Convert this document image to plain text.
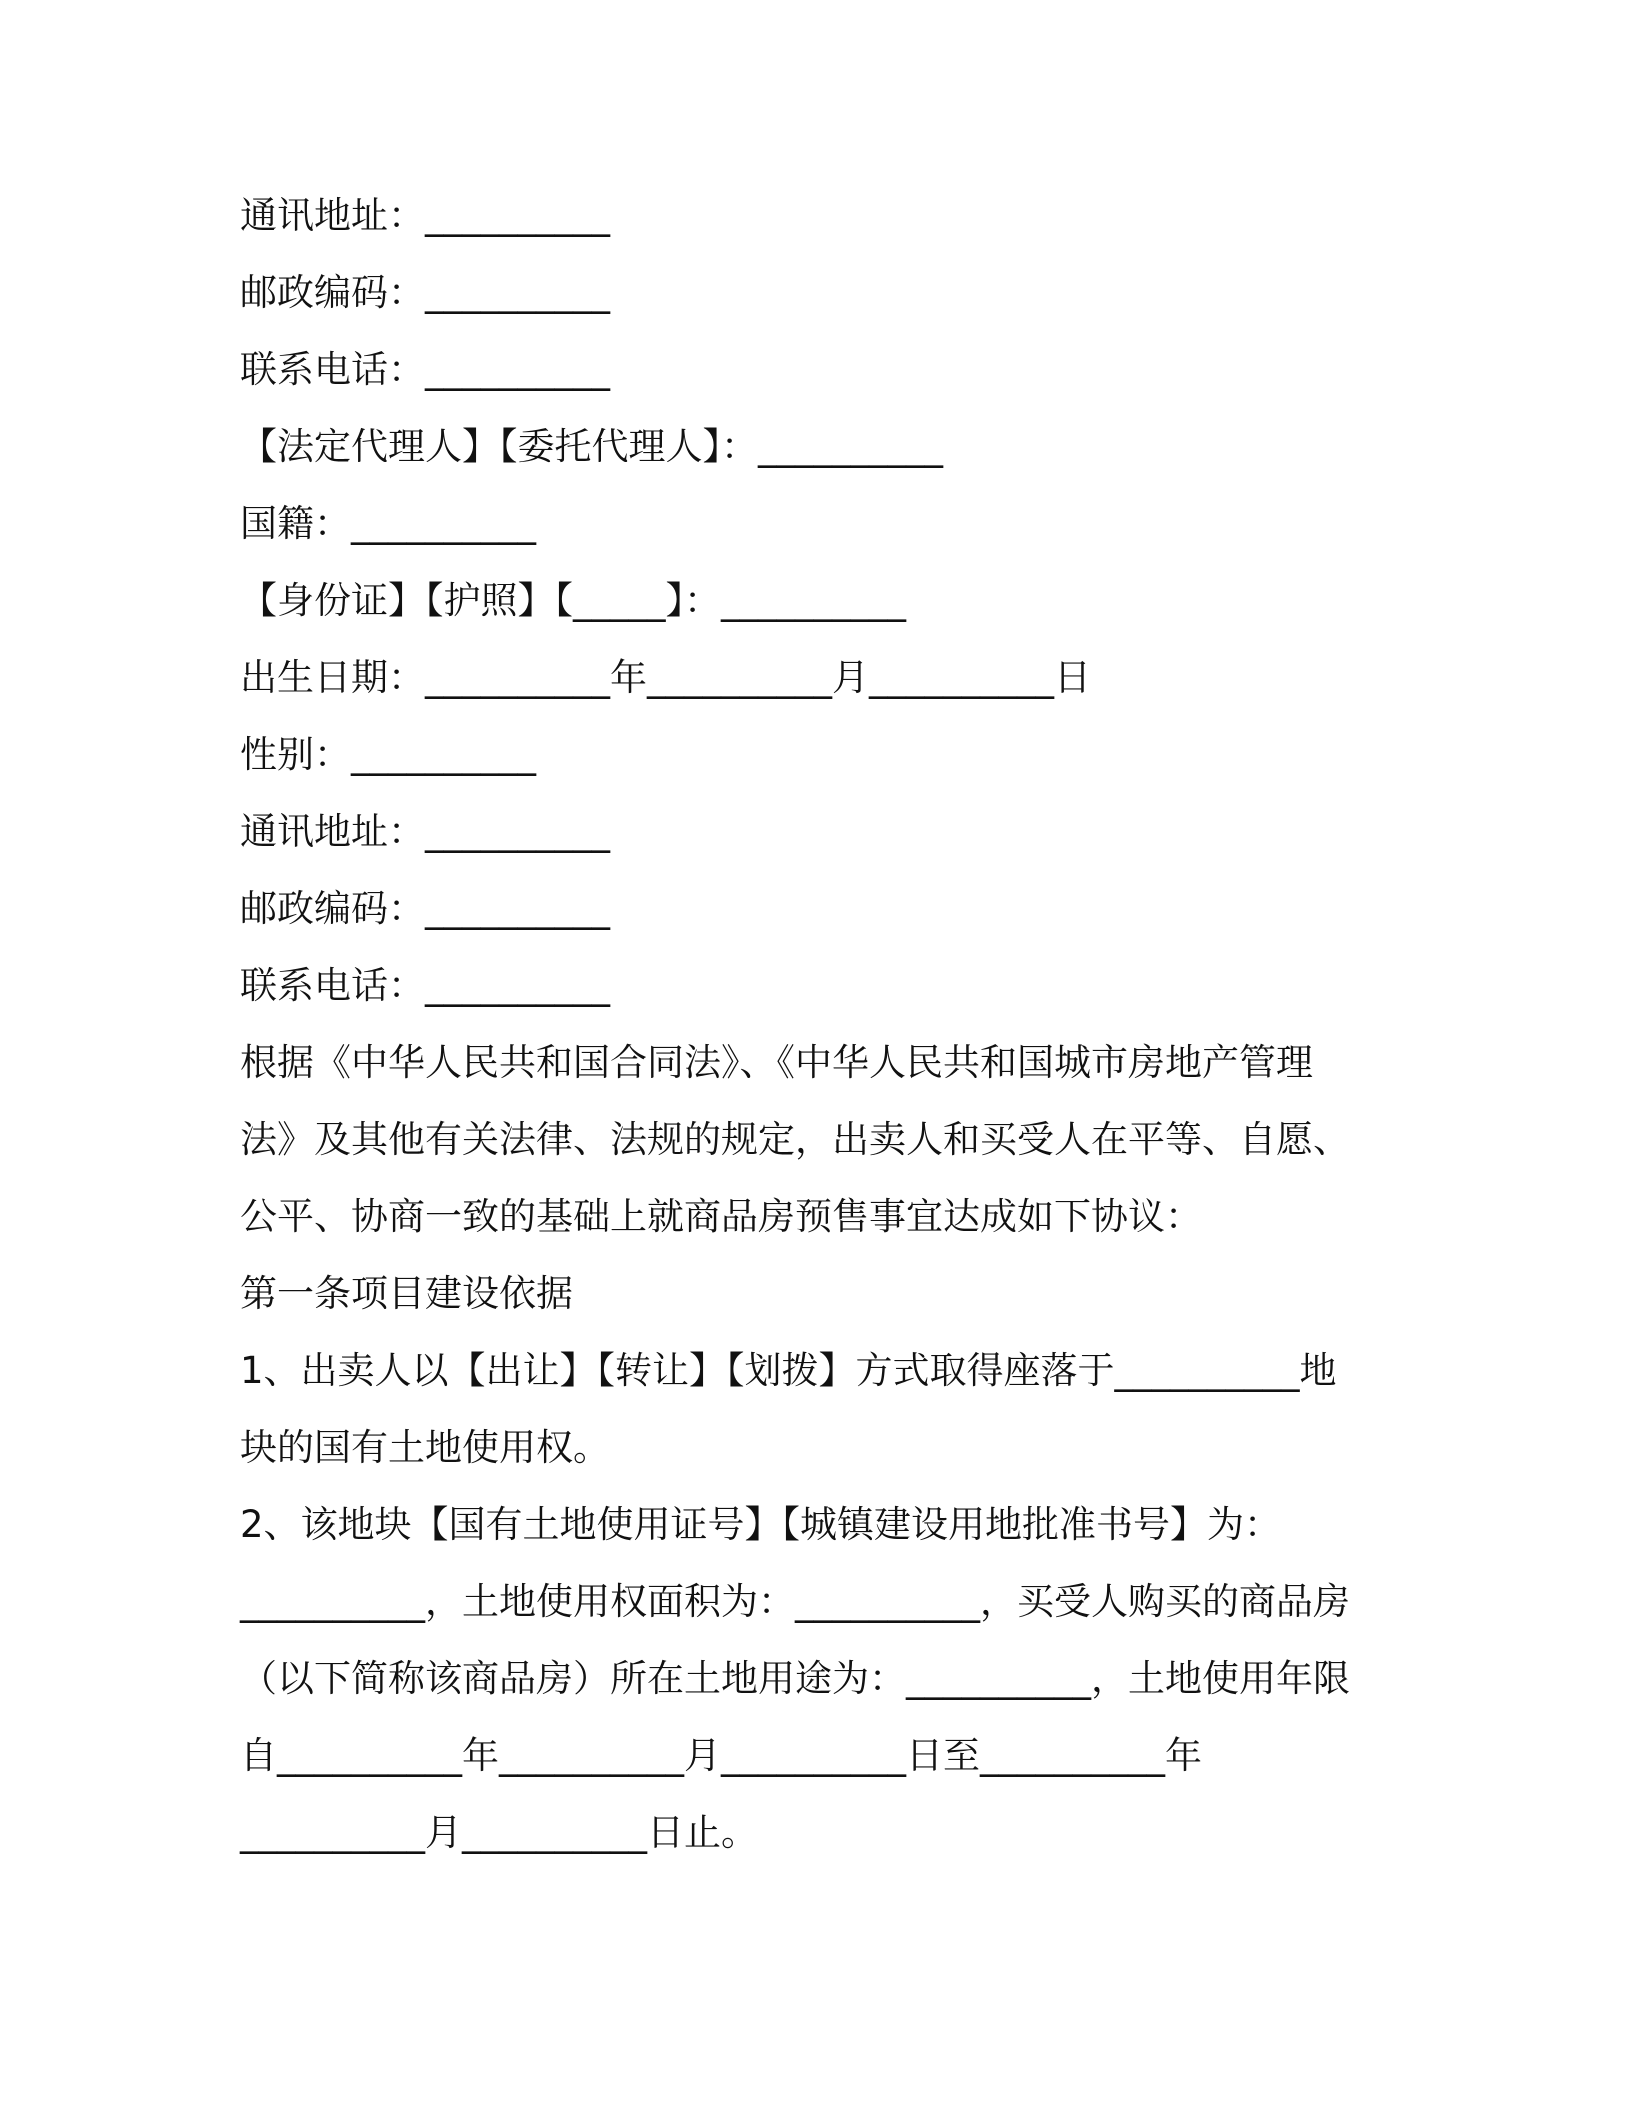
通讯地址：__________
邮政编码：__________
联系电话：__________
【法定代理人】【委托代理人】：__________
国籍：__________
【身份证】【护照】【_____】：__________
出生日期：__________年__________月__________日
性别：__________
通讯地址：__________
邮政编码：__________
联系电话：__________
根据《中华人民共和国合同法》、《中华人民共和国城市房地产管理
法》及其他有关法律、法规的规定，出卖人和买受人在平等、自愿、
公平、协商一致的基础上就商品房预售事宜达成如下协议：
第一条项目建设依据
1、出卖人以【出让】【转让】【划拨】方式取得座落于__________地
块的国有土地使用权。
2、该地块【国有土地使用证号】【城镇建设用地批准书号】为：
__________，土地使用权面积为：__________，买受人购买的商品房
（以下简称该商品房）所在土地用途为：__________，土地使用年限
自__________年__________月__________日至__________年
__________月__________日止。
